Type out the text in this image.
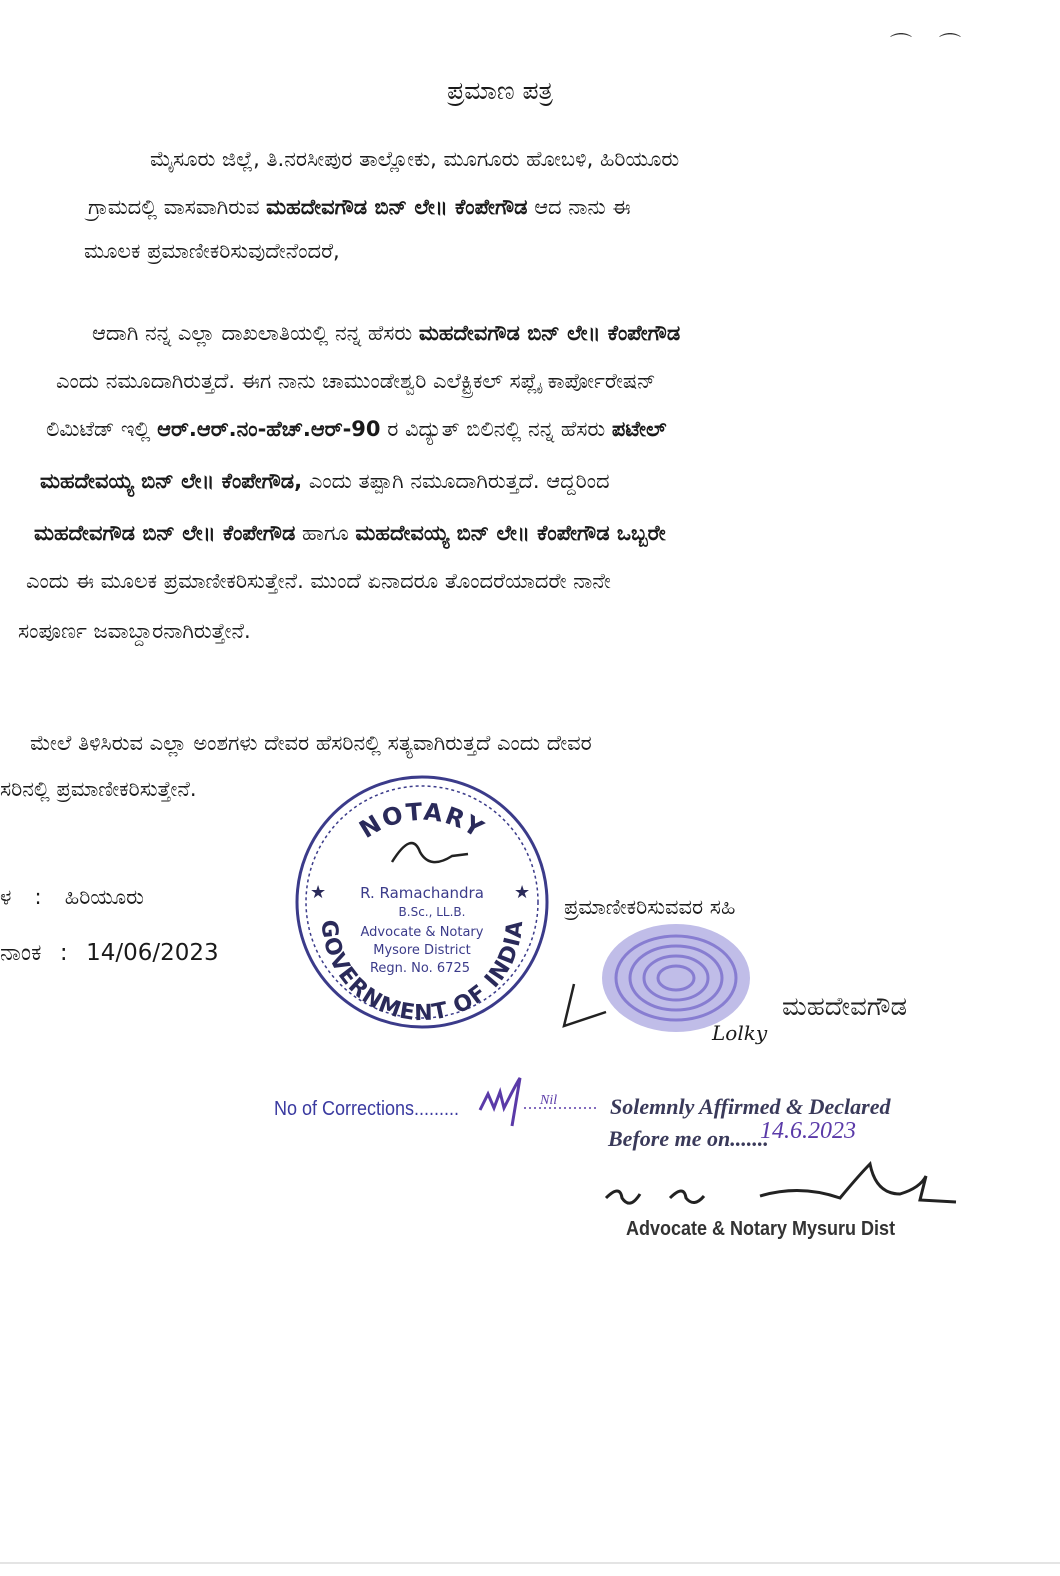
⌒ ⌒
ಪ್ರಮಾಣ ಪತ್ರ
ಮೈಸೂರು ಜಿಲ್ಲೆ, ತಿ.ನರಸೀಪುರ ತಾಲ್ಲೋಕು, ಮೂಗೂರು ಹೋಬಳಿ, ಹಿರಿಯೂರು
ಗ್ರಾಮದಲ್ಲಿ ವಾಸವಾಗಿರುವ ಮಹದೇವಗೌಡ ಬಿನ್ ಲೇ॥ ಕೆಂಪೇಗೌಡ ಆದ ನಾನು ಈ
ಮೂಲಕ ಪ್ರಮಾಣೀಕರಿಸುವುದೇನೆಂದರೆ,
ಆದಾಗಿ ನನ್ನ ಎಲ್ಲಾ ದಾಖಲಾತಿಯಲ್ಲಿ ನನ್ನ ಹೆಸರು ಮಹದೇವಗೌಡ ಬಿನ್ ಲೇ॥ ಕೆಂಪೇಗೌಡ
ಎಂದು ನಮೂದಾಗಿರುತ್ತದೆ. ಈಗ ನಾನು ಚಾಮುಂಡೇಶ್ವರಿ ಎಲೆಕ್ಟ್ರಿಕಲ್ ಸಪ್ಲೈ ಕಾರ್ಪೋರೇಷನ್
ಲಿಮಿಟೆಡ್ ಇಲ್ಲಿ ಆರ್.ಆರ್.ನಂ-ಹೆಚ್.ಆರ್-90 ರ ವಿದ್ಯುತ್ ಬಿಲಿನಲ್ಲಿ ನನ್ನ ಹೆಸರು ಪಟೇಲ್
ಮಹದೇವಯ್ಯ ಬಿನ್ ಲೇ॥ ಕೆಂಪೇಗೌಡ, ಎಂದು ತಪ್ಪಾಗಿ ನಮೂದಾಗಿರುತ್ತದೆ. ಆದ್ದರಿಂದ
ಮಹದೇವಗೌಡ ಬಿನ್ ಲೇ॥ ಕೆಂಪೇಗೌಡ ಹಾಗೂ ಮಹದೇವಯ್ಯ ಬಿನ್ ಲೇ॥ ಕೆಂಪೇಗೌಡ ಒಬ್ಬರೇ
ಎಂದು ಈ ಮೂಲಕ ಪ್ರಮಾಣೀಕರಿಸುತ್ತೇನೆ. ಮುಂದೆ ಏನಾದರೂ ತೊಂದರೆಯಾದರೇ ನಾನೇ
ಸಂಪೂರ್ಣ ಜವಾಬ್ದಾರನಾಗಿರುತ್ತೇನೆ.
ಮೇಲೆ ತಿಳಿಸಿರುವ ಎಲ್ಲಾ ಅಂಶಗಳು ದೇವರ ಹೆಸರಿನಲ್ಲಿ ಸತ್ಯವಾಗಿರುತ್ತದೆ ಎಂದು ದೇವರ
ಸರಿನಲ್ಲಿ ಪ್ರಮಾಣೀಕರಿಸುತ್ತೇನೆ.
ಳ : ಹಿರಿಯೂರು
ನಾಂಕ : 14/06/2023
ಪ್ರಮಾಣೀಕರಿಸುವವರ ಸಹಿ
NOTARY
GOVERNMENT OF INDIA
★	★
R. Ramachandra
B.Sc., LL.B.
Advocate & Notary
Mysore District
Regn. No. 6725
Lolky
ಮಹದೇವಗೌಡ
No of Corrections.........	Nil Solemnly Affirmed & Declared
Before me on.......
14.6.2023
Advocate & Notary Mysuru Dist
